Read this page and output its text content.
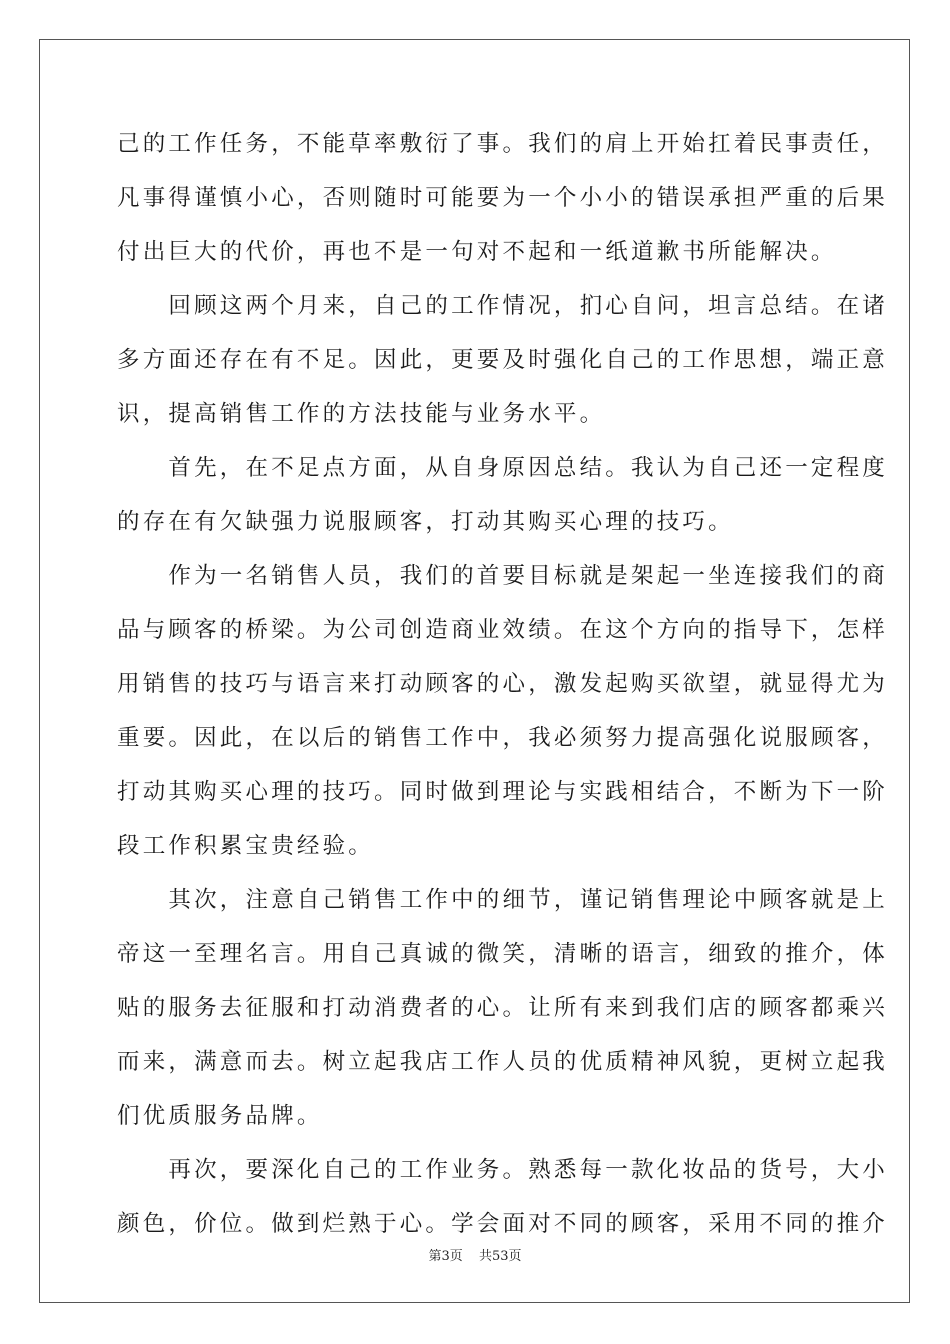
己的工作任务，不能草率敷衍了事。我们的肩上开始扛着民事责任，
凡事得谨慎小心，否则随时可能要为一个小小的错误承担严重的后果
付出巨大的代价，再也不是一句对不起和一纸道歉书所能解决。
　　回顾这两个月来，自己的工作情况，扪心自问，坦言总结。在诸
多方面还存在有不足。因此，更要及时强化自己的工作思想，端正意
识，提高销售工作的方法技能与业务水平。
　　首先，在不足点方面，从自身原因总结。我认为自己还一定程度
的存在有欠缺强力说服顾客，打动其购买心理的技巧。
　　作为一名销售人员，我们的首要目标就是架起一坐连接我们的商
品与顾客的桥梁。为公司创造商业效绩。在这个方向的指导下，怎样
用销售的技巧与语言来打动顾客的心，激发起购买欲望，就显得尤为
重要。因此，在以后的销售工作中，我必须努力提高强化说服顾客，
打动其购买心理的技巧。同时做到理论与实践相结合，不断为下一阶
段工作积累宝贵经验。
　　其次，注意自己销售工作中的细节，谨记销售理论中顾客就是上
帝这一至理名言。用自己真诚的微笑，清晰的语言，细致的推介，体
贴的服务去征服和打动消费者的心。让所有来到我们店的顾客都乘兴
而来，满意而去。树立起我店工作人员的优质精神风貌，更树立起我
们优质服务品牌。
　　再次，要深化自己的工作业务。熟悉每一款化妆品的货号，大小
颜色，价位。做到烂熟于心。学会面对不同的顾客，采用不同的推介
第3页 共53页
